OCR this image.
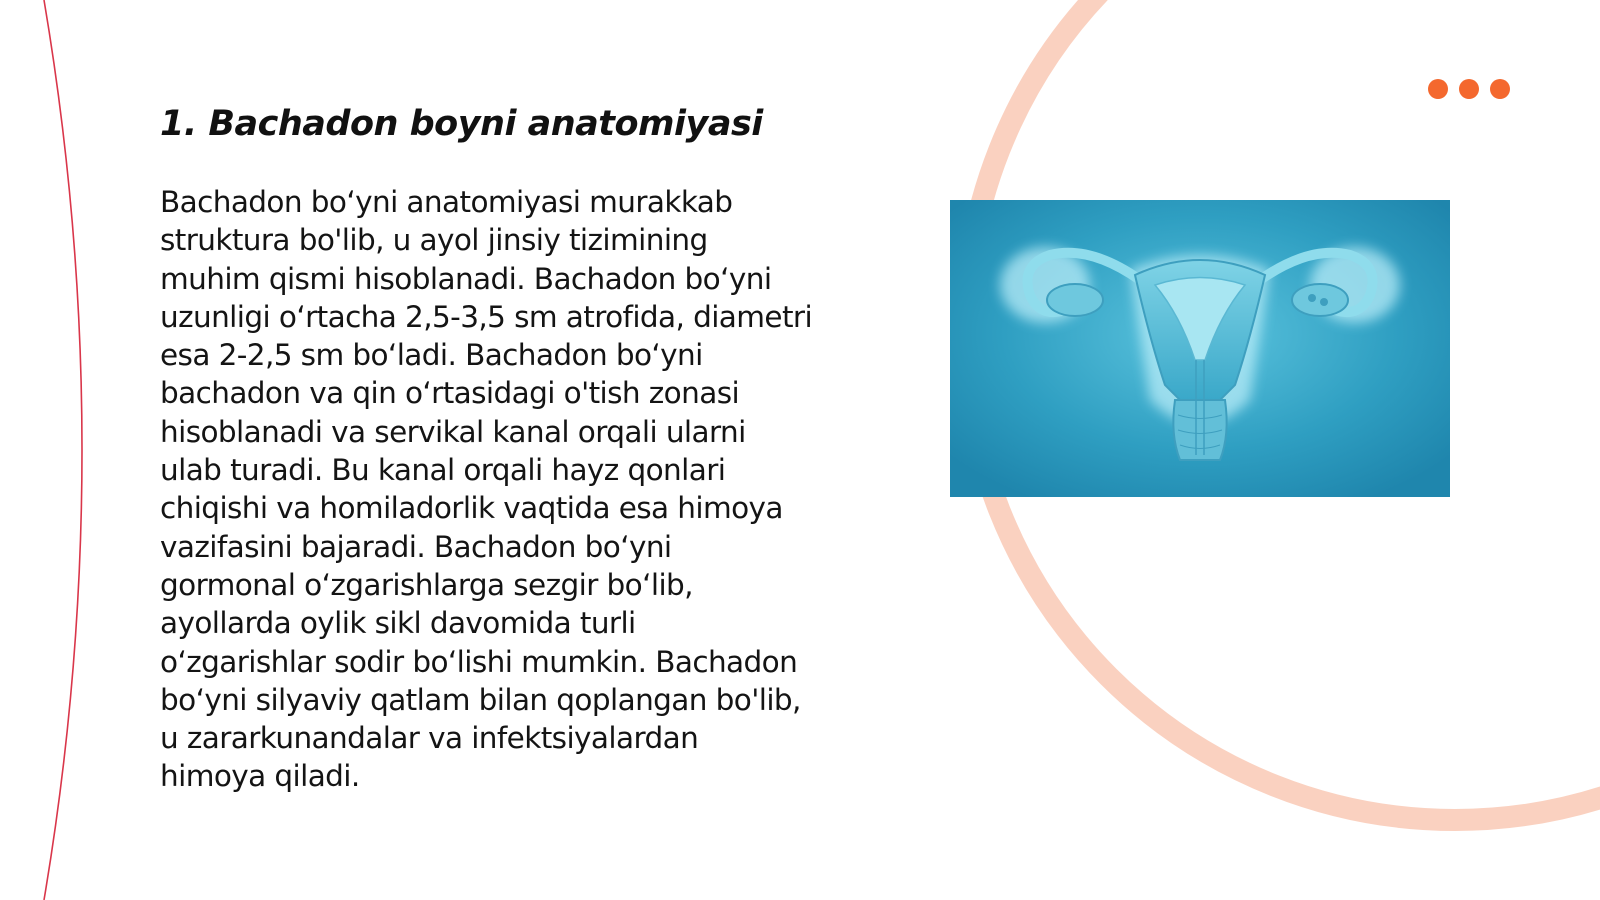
1. Bachadon boyni anatomiyasi

Bachadon bo‘yni anatomiyasi murakkab
struktura bo'lib, u ayol jinsiy tizimining
muhim qismi hisoblanadi. Bachadon bo‘yni
uzunligi o‘rtacha 2,5-3,5 sm atrofida, diametri
esa 2-2,5 sm bo‘ladi. Bachadon bo‘yni
bachadon va qin o‘rtasidagi o'tish zonasi
hisoblanadi va servikal kanal orqali ularni
ulab turadi. Bu kanal orqali hayz qonlari
chiqishi va homiladorlik vaqtida esa himoya
vazifasini bajaradi. Bachadon bo‘yni
gormonal o‘zgarishlarga sezgir bo‘lib,
ayollarda oylik sikl davomida turli
o‘zgarishlar sodir bo‘lishi mumkin. Bachadon
bo‘yni silyaviy qatlam bilan qoplangan bo'lib,
u zararkunandalar va infektsiyalardan
himoya qiladi.
